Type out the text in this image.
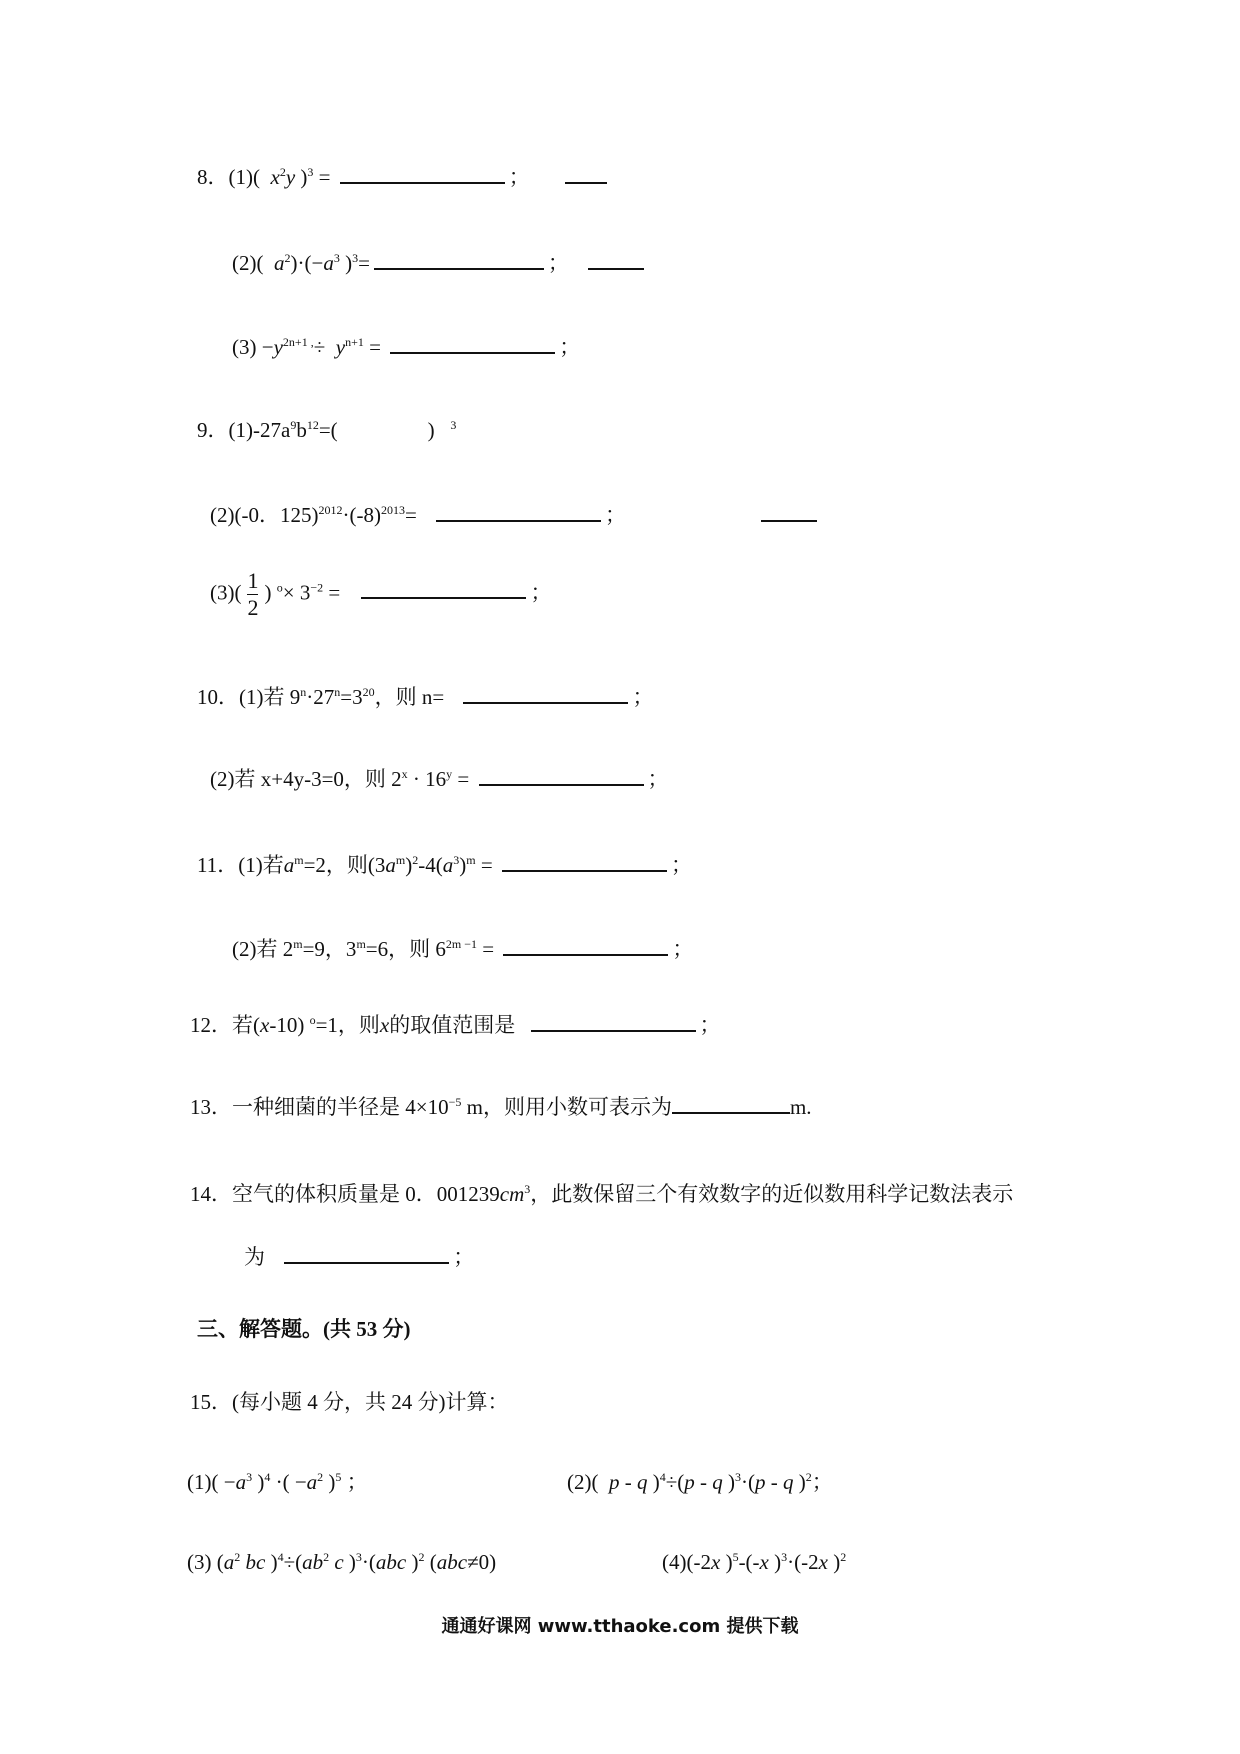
8．(1)( $x^2y$ )$^3$ =	；
(2)( $a^2)\cdot(-a^3$ )$^3$=	；
$(3) -y^{2n+1 ,}\div y^{n+1}$ =	；
9．$(1)-27a^9b^{12}=$(	) $^3$
(2)(-0．$125)^{2012}\cdot(-8)^{2013}=$	；
$(3)( \frac{1}{2}$ ) $^o\times 3^{-2}$ =	；
10．(1)若 $9^n\cdot 27^n=3^{20}$，则 n=	；
(2)若 x+4y-3=0，则 $2^x \cdot 16^y$ =	；
11．(1)若$a^m=2$，则$(3a^m)^2-4(a^3)^m$ =	；
(2)若 $2^m=9$，$3^m=6$，则 $6^{2m -1}$ =	；
12．若(x-10) $^o$=1，则x的取值范围是	；
13．一种细菌的半径是 $4\times 10^{-5}$ m，则用小数可表示为	m.
14．空气的体积质量是 0．$001239cm^3$，此数保留三个有效数字的近似数用科学记数法表示
为	；
三、解答题。(共 53 分)
15．(每小题 4 分，共 24 分)计算：
$(1)( -a^3$ )$^4$ ·( $-a^2$ )$^5$ ；	(2)( p - q )$^4$÷(p - q )$^3$·(p - q )$^2$；
(3) ($a^2$ bc )$^4\div(ab^2$ c )$^3$·(abc )$^2$ (abc≠0)	(4)(-2x )$^5$-(-x )$^3$·(-2x )$^2$
通通好课网 www.tthaoke.com 提供下载
